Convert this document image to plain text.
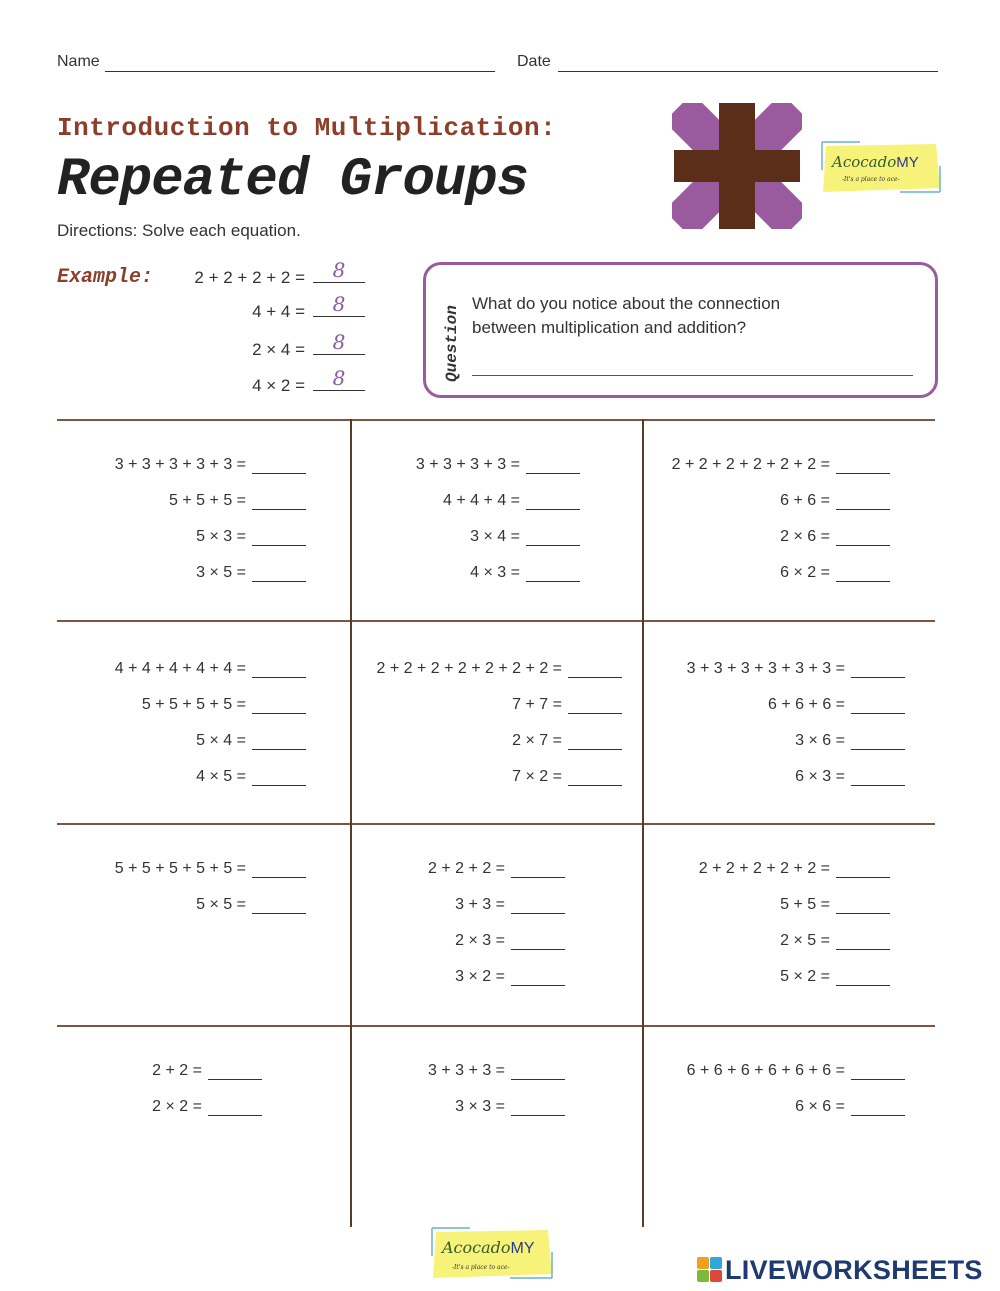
Name	Date
Introduction to Multiplication:
Repeated Groups
Directions: Solve each equation.
AcocadoMY
-It's a place to ace-
Example: 2 + 2 + 2 + 2 =	8
4 + 4 =	8
2 × 4 =	8
4 × 2 =	8	Question
What do you notice about the connection
between multiplication and addition?
3 + 3 + 3 + 3 + 3 =
5 + 5 + 5 =
5 × 3 =
3 × 5 =
3 + 3 + 3 + 3 =
4 + 4 + 4 =
3 × 4 =
4 × 3 =
2 + 2 + 2 + 2 + 2 + 2 =
6 + 6 =
2 × 6 =
6 × 2 =
4 + 4 + 4 + 4 + 4 =
5 + 5 + 5 + 5 =
5 × 4 =
4 × 5 =
2 + 2 + 2 + 2 + 2 + 2 + 2 =
7 + 7 =
2 × 7 =
7 × 2 =
3 + 3 + 3 + 3 + 3 + 3 =
6 + 6 + 6 =
3 × 6 =
6 × 3 =
5 + 5 + 5 + 5 + 5 =
5 × 5 =
2 + 2 + 2 =
3 + 3 =
2 × 3 =
3 × 2 =
2 + 2 + 2 + 2 + 2 =
5 + 5 =
2 × 5 =
5 × 2 =
2 + 2 =
2 × 2 =
3 + 3 + 3 =
3 × 3 =
6 + 6 + 6 + 6 + 6 + 6 =
6 × 6 =
AcocadoMY
-It's a place to ace-	LIVEWORKSHEETS
